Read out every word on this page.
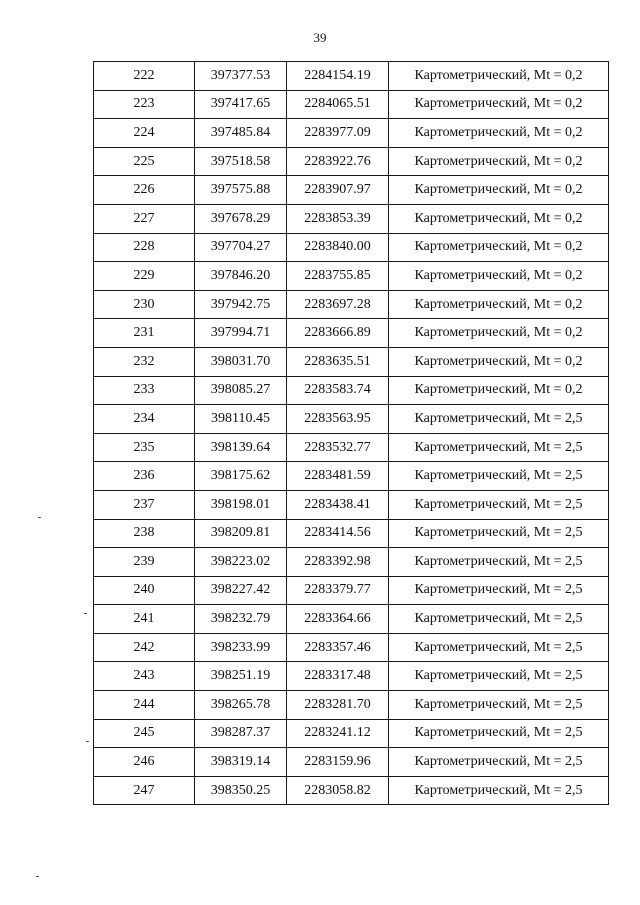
39
222	397377.53	2284154.19	Картометрический, Mt = 0,2
223	397417.65	2284065.51	Картометрический, Mt = 0,2
224	397485.84	2283977.09	Картометрический, Mt = 0,2
225	397518.58	2283922.76	Картометрический, Mt = 0,2
226	397575.88	2283907.97	Картометрический, Mt = 0,2
227	397678.29	2283853.39	Картометрический, Mt = 0,2
228	397704.27	2283840.00	Картометрический, Mt = 0,2
229	397846.20	2283755.85	Картометрический, Mt = 0,2
230	397942.75	2283697.28	Картометрический, Mt = 0,2
231	397994.71	2283666.89	Картометрический, Mt = 0,2
232	398031.70	2283635.51	Картометрический, Mt = 0,2
233	398085.27	2283583.74	Картометрический, Mt = 0,2
234	398110.45	2283563.95	Картометрический, Mt = 2,5
235	398139.64	2283532.77	Картометрический, Mt = 2,5
236	398175.62	2283481.59	Картометрический, Mt = 2,5
237	398198.01	2283438.41	Картометрический, Mt = 2,5
238	398209.81	2283414.56	Картометрический, Mt = 2,5
239	398223.02	2283392.98	Картометрический, Mt = 2,5
240	398227.42	2283379.77	Картометрический, Mt = 2,5
241	398232.79	2283364.66	Картометрический, Mt = 2,5
242	398233.99	2283357.46	Картометрический, Mt = 2,5
243	398251.19	2283317.48	Картометрический, Mt = 2,5
244	398265.78	2283281.70	Картометрический, Mt = 2,5
245	398287.37	2283241.12	Картометрический, Mt = 2,5
246	398319.14	2283159.96	Картометрический, Mt = 2,5
247	398350.25	2283058.82	Картометрический, Mt = 2,5
